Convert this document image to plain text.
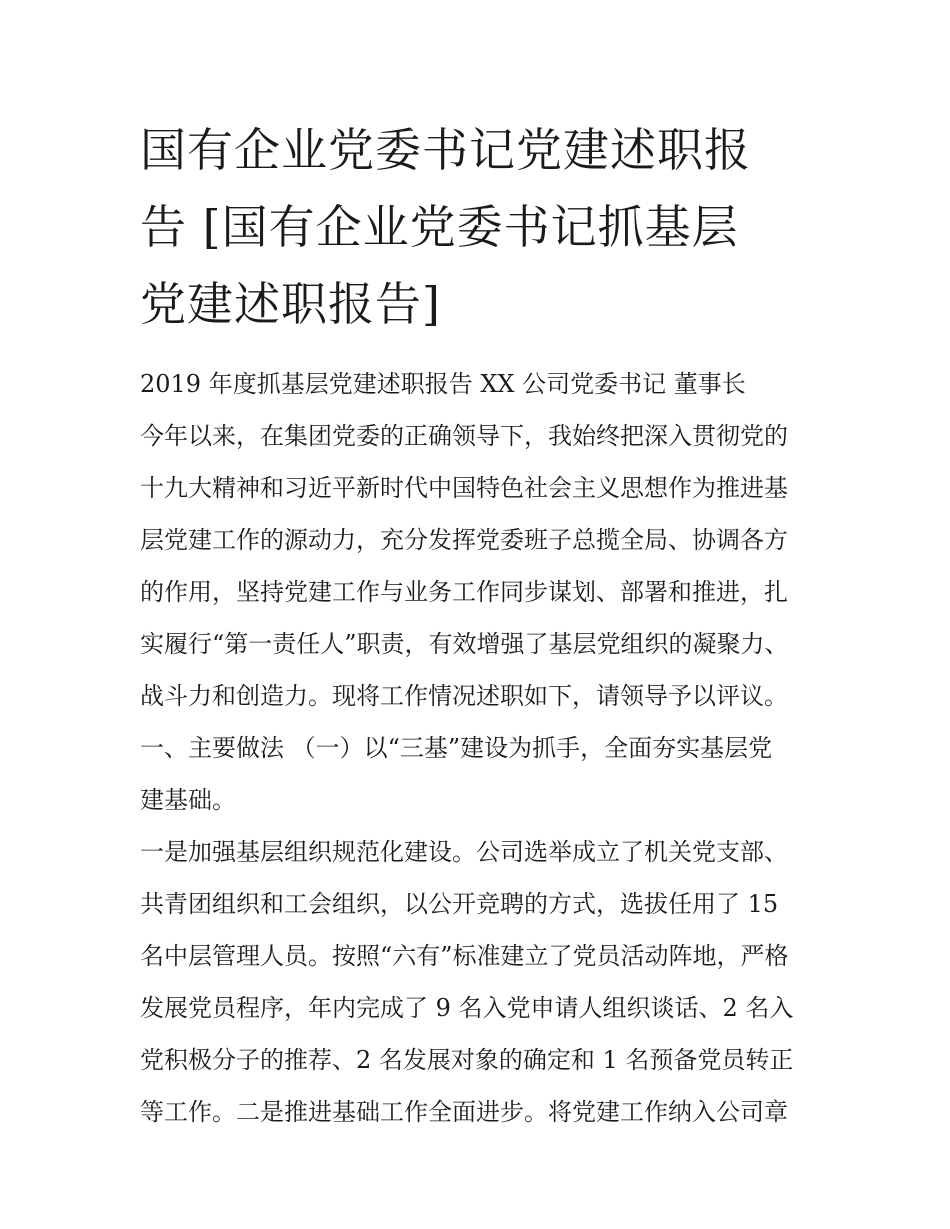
国有企业党委书记党建述职报
告 [国有企业党委书记抓基层
党建述职报告]
2019 年度抓基层党建述职报告 XX 公司党委书记 董事长
今年以来，在集团党委的正确领导下，我始终把深入贯彻党的
十九大精神和习近平新时代中国特色社会主义思想作为推进基
层党建工作的源动力，充分发挥党委班子总揽全局、协调各方
的作用，坚持党建工作与业务工作同步谋划、部署和推进，扎
实履行“第一责任人”职责，有效增强了基层党组织的凝聚力、
战斗力和创造力。现将工作情况述职如下，请领导予以评议。
一、主要做法 （一）以“三基”建设为抓手，全面夯实基层党
建基础。
一是加强基层组织规范化建设。公司选举成立了机关党支部、
共青团组织和工会组织，以公开竞聘的方式，选拔任用了 15
名中层管理人员。按照“六有”标准建立了党员活动阵地，严格
发展党员程序，年内完成了 9 名入党申请人组织谈话、2 名入
党积极分子的推荐、2 名发展对象的确定和 1 名预备党员转正
等工作。二是推进基础工作全面进步。将党建工作纳入公司章
